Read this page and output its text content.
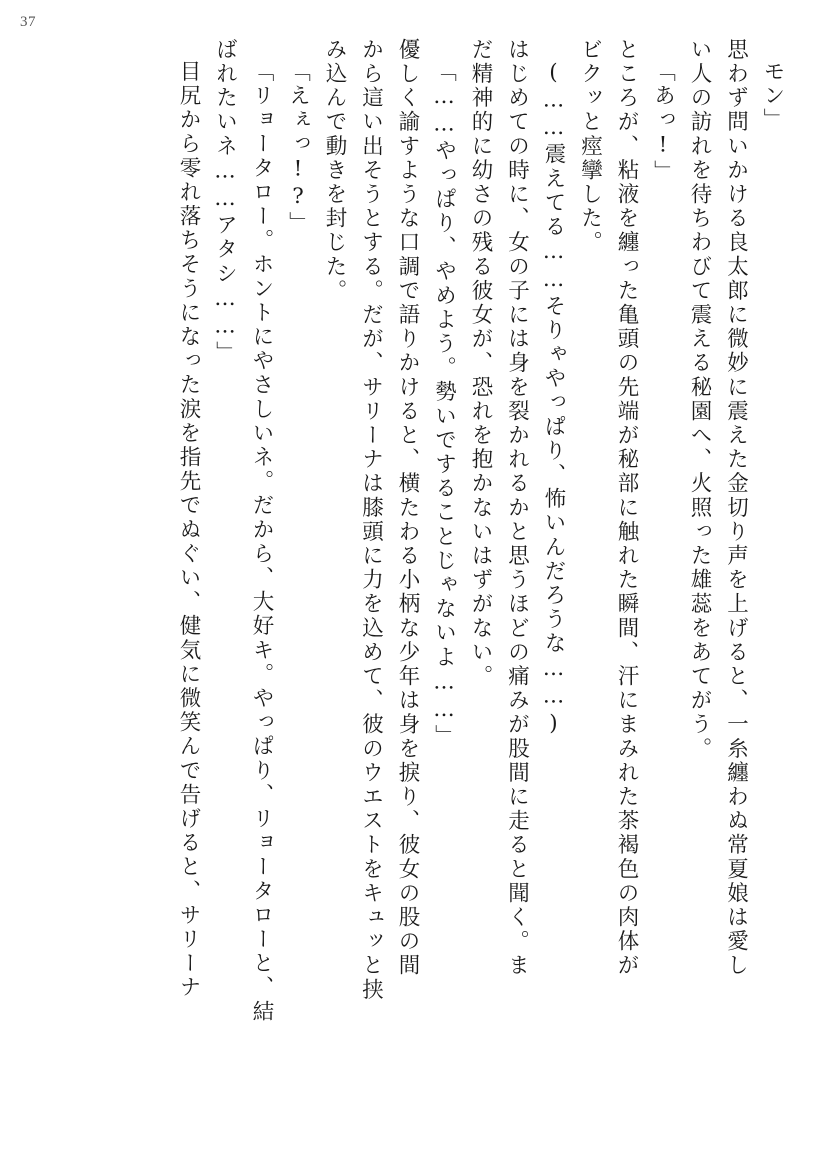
37
モン」
思わず問いかける良太郎に微妙に震えた金切り声を上げると、一糸纏わぬ常夏娘は愛し
い人の訪れを待ちわびて震える秘園へ、火照った雄蕊をあてがう。
「あっ!」
ところが、粘液を纏った亀頭の先端が秘部に触れた瞬間、汗にまみれた茶褐色の肉体が
ビクッと痙攣した。
(……震えてる……そりゃやっぱり、怖いんだろうな……)
はじめての時に、女の子には身を裂かれるかと思うほどの痛みが股間に走ると聞く。ま
だ精神的に幼さの残る彼女が、恐れを抱かないはずがない。
「……やっぱり、やめよう。勢いですることじゃないよ……」
優しく諭すような口調で語りかけると、横たわる小柄な少年は身を捩り、彼女の股の間
から這い出そうとする。だが、サリーナは膝頭に力を込めて、彼のウエストをキュッと挟
み込んで動きを封じた。
「えぇっ!?」
「リョータロー。ホントにやさしいネ。だから、大好キ。やっぱり、リョータローと、結
ばれたいネ……アタシ……」
目尻から零れ落ちそうになった涙を指先でぬぐい、健気に微笑んで告げると、サリーナ
